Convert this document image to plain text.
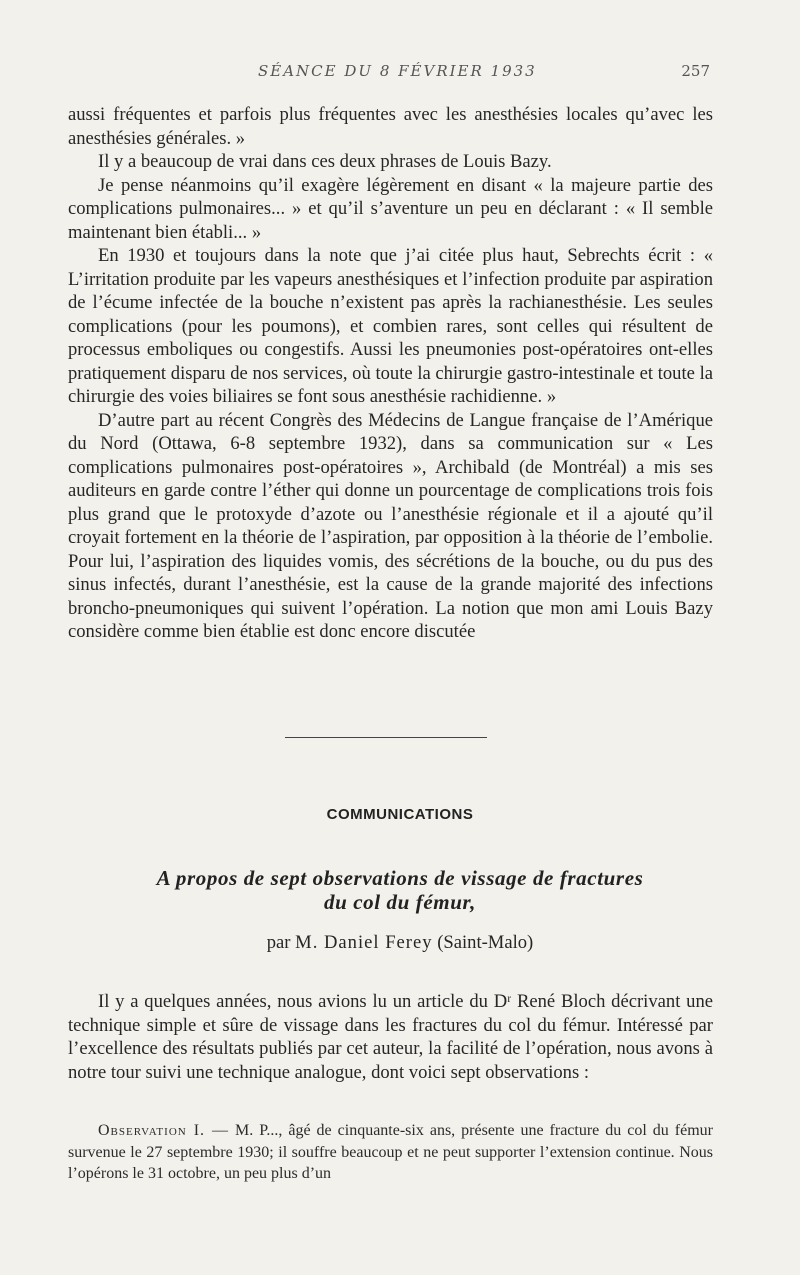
SÉANCE DU 8 FÉVRIER 1933	257

aussi fréquentes et parfois plus fréquentes avec les anesthésies locales qu’avec les anesthésies générales. »

Il y a beaucoup de vrai dans ces deux phrases de Louis Bazy.

Je pense néanmoins qu’il exagère légèrement en disant « la majeure partie des complications pulmonaires... » et qu’il s’aventure un peu en déclarant : « Il semble maintenant bien établi... »

En 1930 et toujours dans la note que j’ai citée plus haut, Sebrechts écrit : « L’irritation produite par les vapeurs anesthésiques et l’infection produite par aspiration de l’écume infectée de la bouche n’existent pas après la rachianesthésie. Les seules complications (pour les poumons), et combien rares, sont celles qui résultent de processus emboliques ou congestifs. Aussi les pneumonies post-opératoires ont-elles pratiquement disparu de nos services, où toute la chirurgie gastro-intestinale et toute la chirurgie des voies biliaires se font sous anesthésie rachidienne. »

D’autre part au récent Congrès des Médecins de Langue française de l’Amérique du Nord (Ottawa, 6-8 septembre 1932), dans sa communication sur « Les complications pulmonaires post-opératoires », Archibald (de Montréal) a mis ses auditeurs en garde contre l’éther qui donne un pourcentage de complications trois fois plus grand que le protoxyde d’azote ou l’anesthésie régionale et il a ajouté qu’il croyait fortement en la théorie de l’aspiration, par opposition à la théorie de l’embolie. Pour lui, l’aspiration des liquides vomis, des sécrétions de la bouche, ou du pus des sinus infectés, durant l’anesthésie, est la cause de la grande majorité des infections broncho-pneumoniques qui suivent l’opération. La notion que mon ami Louis Bazy considère comme bien établie est donc encore discutée

COMMUNICATIONS
A propos de sept observations de vissage de fractures
du col du fémur,
par M. Daniel Ferey (Saint-Malo)

Il y a quelques années, nous avions lu un article du Dʳ René Bloch décrivant une technique simple et sûre de vissage dans les fractures du col du fémur. Intéressé par l’excellence des résultats publiés par cet auteur, la facilité de l’opération, nous avons à notre tour suivi une technique analogue, dont voici sept observations :

Observation I. — M. P..., âgé de cinquante-six ans, présente une fracture du col du fémur survenue le 27 septembre 1930; il souffre beaucoup et ne peut supporter l’extension continue. Nous l’opérons le 31 octobre, un peu plus d’un
